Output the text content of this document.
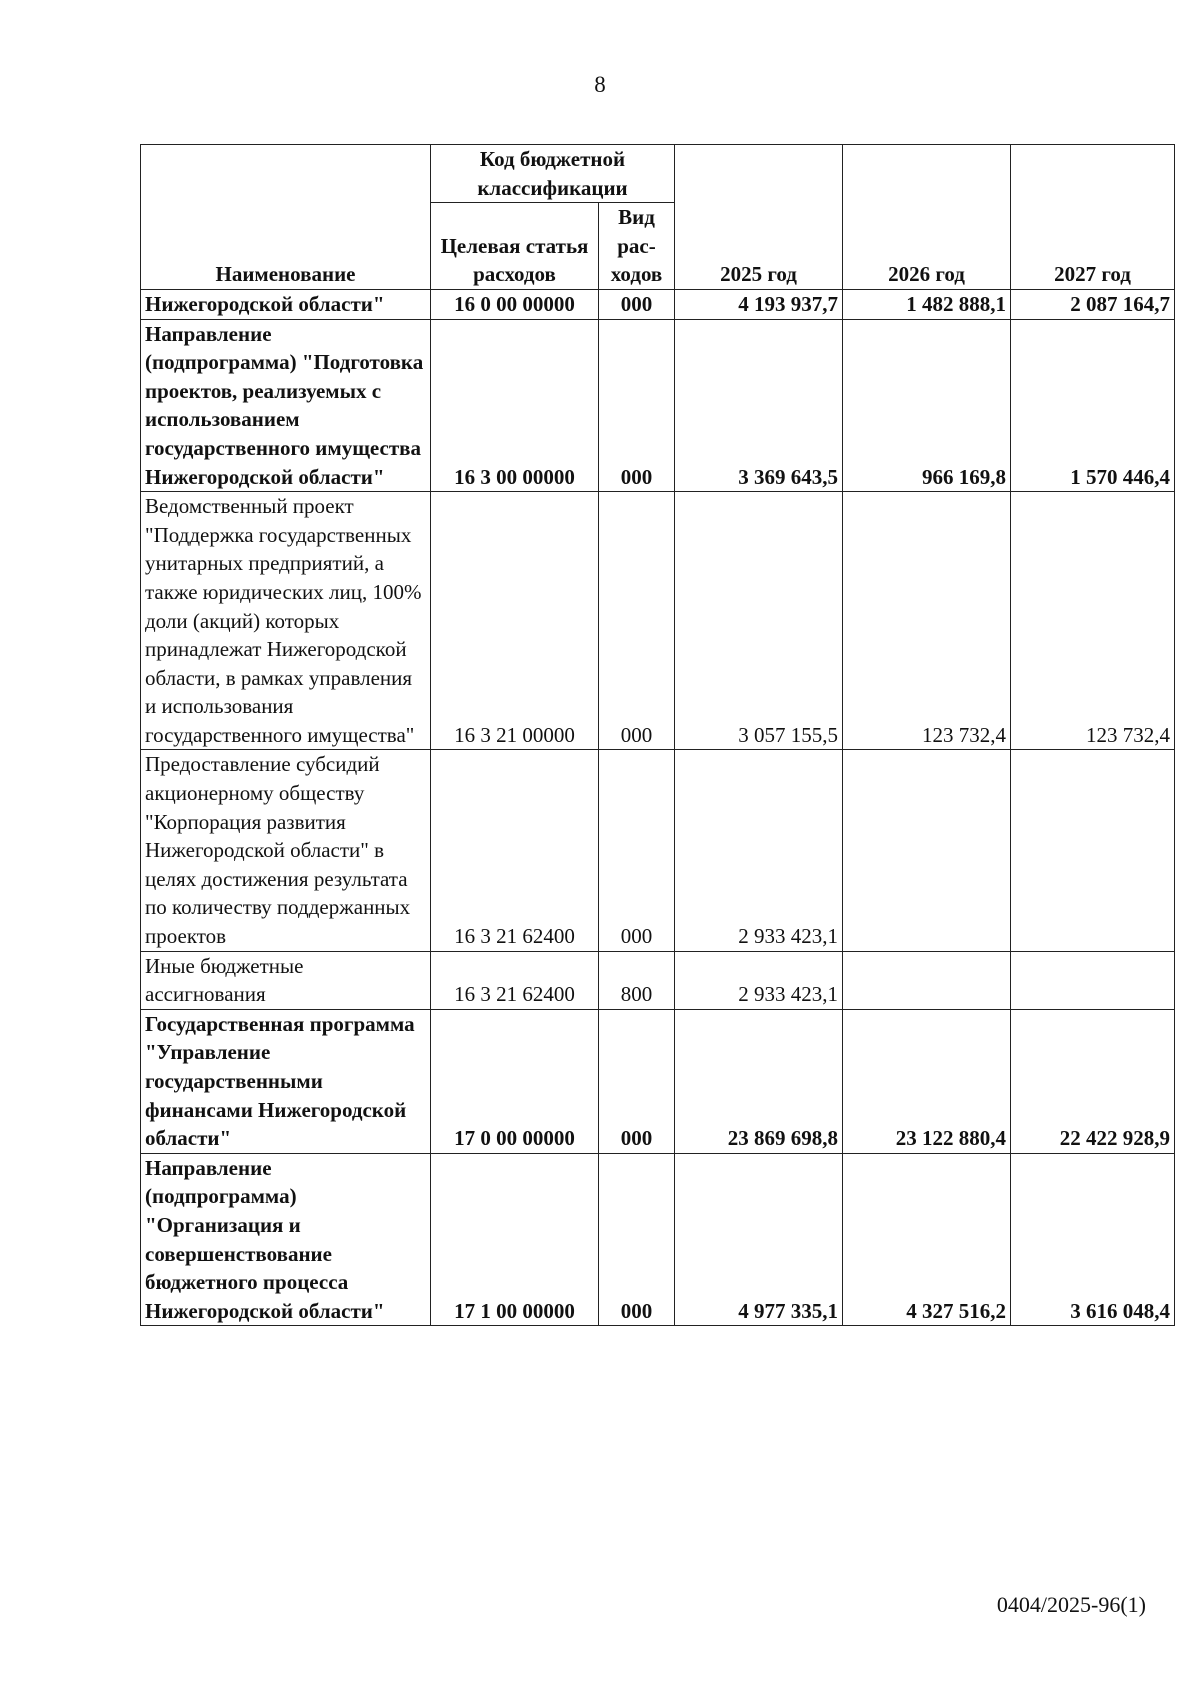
8
Наименование	Код бюджетной классификации		2025 год	2026 год	2027 год
	Целевая статья расходов	Вид рас-ходов			
Нижегородской области"	16 0 00 00000	000	4 193 937,7	1 482 888,1	2 087 164,7
Направление (подпрограмма) "Подготовка проектов, реализуемых с использованием государственного имущества Нижегородской области"	16 3 00 00000	000	3 369 643,5	966 169,8	1 570 446,4
Ведомственный проект "Поддержка государственных унитарных предприятий, а также юридических лиц, 100% доли (акций) которых принадлежат Нижегородской области, в рамках управления и использования государственного имущества"	16 3 21 00000	000	3 057 155,5	123 732,4	123 732,4
Предоставление субсидий акционерному обществу "Корпорация развития Нижегородской области" в целях достижения результата по количеству поддержанных проектов	16 3 21 62400	000	2 933 423,1		
Иные бюджетные ассигнования	16 3 21 62400	800	2 933 423,1		
Государственная программа "Управление государственными финансами Нижегородской области"	17 0 00 00000	000	23 869 698,8	23 122 880,4	22 422 928,9
Направление (подпрограмма) "Организация и совершенствование бюджетного процесса Нижегородской области"	17 1 00 00000	000	4 977 335,1	4 327 516,2	3 616 048,4
0404/2025-96(1)
